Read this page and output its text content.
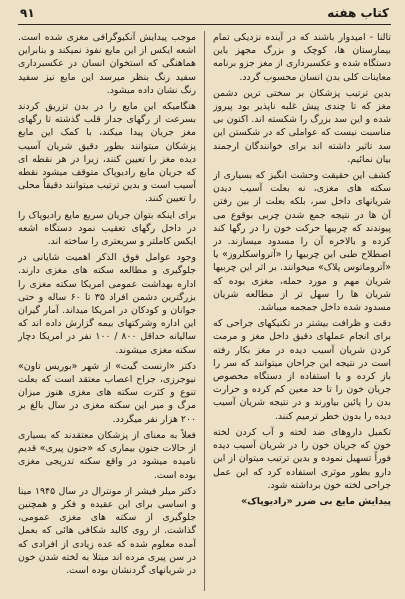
۹۱	کتاب هفته

تالنا - امیدوار باشند که در آینده نزدیکی تمام بیمارستان ها، کوچک و بزرگ مجهز باین دستگاه شده و عکسبرداری از مغز جزو برنامه معاینات کلی بدن انسان محسوب گردد.

بدین ترتیب پزشکان بر سختی ترین دشمن مغز که تا چندی پیش غلبه ناپذیر بود پیروز شده و این سد بزرگ را شکسته اند. اکنون بی مناسبت نیست که عواملی که در شکستن این سد تاثیر داشته اند برای خوانندگان ارجمند بیان نمائیم.

کشف این حقیقت وحشت انگیز که بسیاری از سکته های مغزی، نه بعلت آسیب دیدن شریانهای داخل سر، بلکه بعلت از بین رفتن آن ها در نتیجه جمع شدن چربی بوقوع می پیوندند که چربیها حرکت خون را در رگها کند کرده و بالاخره آن را مسدود میسازند. در اصطلاح طبی این چربیها را «آترواسکلروز» یا «آتروماتوس پلاک» میخوانند. بر اثر این چربیها شریان مهم و مورد حمله، مغزی بوده که شریان ها را سهل تر از مطالعه شریان مسدود شده داخل جمجمه میباشد.

دقت و ظرافت بیشتر در تکنیکهای جراحی که برای انجام عملهای دقیق داخل مغز و مرمت کردن شریان آسیب دیده در مغز بکار رفته است در نتیجه این جراحان میتوانند که سر را باز کرده و با استفاده از دستگاه مخصوص جریان خون را تا حد معین کم کرده و حرارت بدن را پائین بیاورند و در نتیجه شریان آسیب دیده را بدون خطر ترمیم کنند.

تکمیل داروهای ضد لخته و آب کردن لخته خون که جریان خون را در شریان آسیب دیده فوراً تسهیل نموده و بدین ترتیب میتوان از این دارو بطور موثری استفاده کرد که این عمل جراحی لخته خون برداشته شود.

پیدایش مایع بی ضرر «رادیوپاک»

موجب پیدایش آنکیوگرافی مغزی شده است. اشعه ایکس از این مایع نفوذ نمیکند و بنابراین هماهنگی که استخوان انسان در عکسبرداری سفید رنگ بنظر میرسد این مایع نیز سفید رنگ نشان داده میشود.

هنگامیکه این مایع را در بدن تزریق کردند بسرعت از رگهای جدار قلب گذشته تا رگهای مغز جریان پیدا میکند، با کمک این مایع پزشکان میتوانند بطور دقیق شریان آسیب دیده مغز را تعیین کنند، زیرا در هر نقطه ای که جریان مایع رادیوپاک متوقف میشود نقطه آسیب است و بدین ترتیب میتوانند دقیقاً محلی را تعیین کنند.

برای اینکه بتوان جریان سریع مایع رادیوپاک را در داخل رگهای تعقیب نمود دستگاه اشعه ایکس کاملتر و سریعتری را ساخته اند.

وجود عوامل فوق الذکر اهمیت شایانی در جلوگیری و مطالعه سکته های مغزی دارند. اداره بهداشت عمومی امریکا سکته مغزی را بزرگترین دشمن افراد ۳۵ تا ۶۰ ساله و حتی جوانان و کودکان در امریکا میداند. آمار گیران این اداره وشرکتهای بیمه گزارش داده اند که سالیانه حداقل ۸۰۰ / ۱۰۰ نفر در امریکا دچار سکته مغزی میشوند.

دکتر «ارنست گیت» از شهر «بوریس تاون» نیوجرزی، جراح اعصاب معتقد است که بعلت تنوع و کثرت سکته های مغزی هنوز میزان مرگ و میر این سکته مغزی در سال بالغ بر ۲۰۰ هزار نفر میگردد.

فعلاً به معنای از پزشکان معتقدند که بسیاری از حالات جنون بیماری که «جنون پیری» قدیم نامیده میشود در واقع سکته تدریجی مغزی بوده است.

دکتر میلر فیشر از مونترال در سال ۱۹۴۵ مینا و اساسی برای این عقیده و فکر و همچنین جلوگیری از سکته های مغزی عمومی، گذاشت. از روی کالبد شکافی هائی که بعمل آمده معلوم شده که عده زیادی از افرادی که در سن پیری مرده اند مبتلا به لخته شدن خون در شریانهای گردنشان بوده است.
